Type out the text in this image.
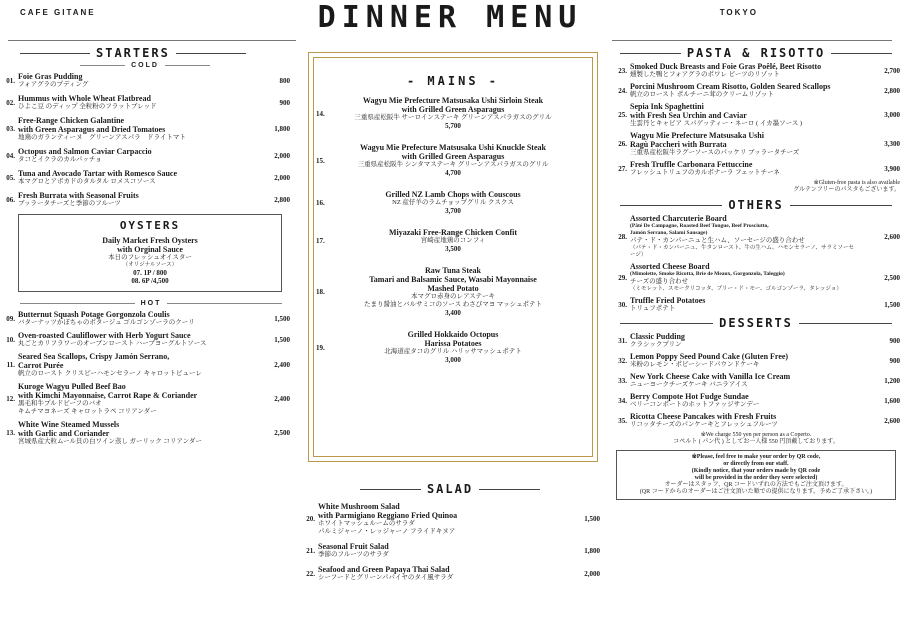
CAFE GITANE	DINNER MENU	TOKYO
STARTERS
COLD
01. Foie Gras Pudding
フォアグラのプディング	800
02. Hummus with Whole Wheat Flatbread
ひよこ豆 のディップ 全粒粉のフラットブレッド	900
03.
Free-Range Chicken Galantine
with Green Asparagus and Dried Tomatoes
地鶏のガランティーヌ　グリーンアスパラ　ドライトマト
1,800
04. Octopus and Salmon Caviar Carpaccio
タコとイクラのカルパッチョ	2,000
05. Tuna and Avocado Tartar with Romesco Sauce
本マグロとアボカドのタルタル ロメスコソース	2,000
06. Fresh Burrata with Seasonal Fruits
ブッラータチーズと季節のフルーツ	2,800
OYSTERS
Daily Market Fresh Oysters
with Orginal Sauce
本日のフレッシュオイスター
（オリジナルソース）
07. 1P / 800
08. 6P /4,500
HOT
09. Butternut Squash Potage Gorgonzola Coulis
バターナッツかぼちゃのポタージュ ゴルゴンゾーラのクーリ	1,500
10. Oven-roasted Cauliflower with Herb Yogurt Sauce
丸ごとカリフラワーのオーブンロースト ハーブヨーグルトソース	1,500
11.
Seared Sea Scallops, Crispy Jamón Serrano,
Carrot Purée
帆立のロースト クリスピーハモンセラーノ キャロットピューレ
2,400
12.
Kuroge Wagyu Pulled Beef Bao
with Kimchi Mayonnaise, Carrot Rape & Coriander
黒毛和牛プルドビーフのバオ
キムチマヨネーズ キャロットラペ コリアンダー
2,400
13.
White Wine Steamed Mussels
with Garlic and Coriander
宮城県産大粒ムール貝の白ワイン蒸し ガーリック コリアンダー
2,500
- MAINS -
14.
Wagyu Mie Prefecture Matsusaka Ushi Sirloin Steak
with Grilled Green Asparagus
三重県産松阪牛 サーロインステーキ グリーンアスパラガスのグリル
5,700
15.
Wagyu Mie Prefecture Matsusaka Ushi Knuckle Steak
with Grilled Green Asparagus
三重県産松阪牛 シンタマステーキ グリーンアスパラガスのグリル
4,700
16.
Grilled NZ Lamb Chops with Couscous
NZ 産仔羊のラムチョップグリル クスクス
3,700
17.
Miyazaki Free-Range Chicken Confit
宮崎産地鶏のコンフィ
3,500
18.
Raw Tuna Steak
Tamari and Balsamic Sauce, Wasabi Mayonnaise
Mashed Potato
本マグロ赤身のレアステーキ
たまり醤油とバルサミコのソース わさびマヨ マッシュポテト
3,400
19.
Grilled Hokkaido Octopus
Harissa Potatoes
北海道産タコのグリル ハリッサマッシュポテト
3,000
SALAD
20.
White Mushroom Salad
with Parmigiano Reggiano Fried Quinoa
ホワイトマッシュルームのサラダ
パルミジャーノ・レッジャーノ フライドキヌア
1,500
21. Seasonal Fruit Salad
季節のフルーツのサラダ	1,800
22. Seafood and Green Papaya Thai Salad
シーフードとグリーンパパイヤのタイ風サラダ	2,000
PASTA & RISOTTO
23. Smoked Duck Breasts and Foie Gras Poêlé, Beet Risotto
燻製した鴨とフォアグラのポワレ ビーツのリゾット	2,700
24. Porcini Mushroom Cream Risotto, Golden Seared Scallops
帆立のロースト ポルチーニ茸のクリームリゾット	2,800
25.
Sepia Ink Spaghettini
with Fresh Sea Urchin and Caviar
生雲丹とキャビア スパゲッティー・ネーロ ( イカ墨ソース )
3,000
26.
Wagyu Mie Prefecture Matsusaka Ushi
Ragù Paccheri with Burrata
三重県産松阪牛ラグーソースのパッケリ ブッラータチーズ
3,300
27. Fresh Truffle Carbonara Fettuccine
フレッシュトリュフのカルボナーラ フェットチーネ	3,900
※Gluten-free pasta is also available
グルテンフリーのパスタもございます。
OTHERS
28.
Assorted Charcuterie Board
(Pâté De Campagne, Roasted Beef Tongue, Beef Prosciutto,
Jamón Serrano, Salami Sausage)
パテ・ド・カンパーニュと生ハム、ソーセージの盛り合わせ
（パテ・ド・カンパーニュ、牛タンロースト、牛の生ハム、ハモンセラーノ、サラミソーセージ）
2,600
29.
Assorted Cheese Board
(Mimolette, Smoke Ricotta, Brie de Meaux, Gorgonzola, Taleggio)
チーズの盛り合わせ
（ミモレット、スモークリコッタ、ブリー・ド・モー、ゴルゴンゾーラ、タレッジョ）
2,500
30. Truffle Fried Potatoes
トリュフポテト	1,500
DESSERTS
31. Classic Pudding
クラシックプリン	900
32. Lemon Poppy Seed Pound Cake (Gluten Free)
米粉のレモン・ポピーシードパウンドケーキ	900
33. New York Cheese Cake with Vanilla Ice Cream
ニューヨークチーズケーキ バニラアイス	1,200
34. Berry Compote Hot Fudge Sundae
ベリーコンポートのホットファッジサンデー	1,600
35. Ricotta Cheese Pancakes with Fresh Fruits
リコッタチーズのパンケーキとフレッシュフルーツ	2,600
※We charge 550 yen per person as a Coperto.
コペルト ( パン代 ) としてお一人様 550 円頂戴しております。
※Please, feel free to make your order by QR code,
or directly from our staff.
(Kindly notice, that your orders made by QR code
will be provided in the order they were selected)
オーダーはスタッフ、QR コードいずれの方法でもご注文頂けます。
(QR コードからのオーダーはご注文頂いた順での提供になります。予めご了承下さい。)
